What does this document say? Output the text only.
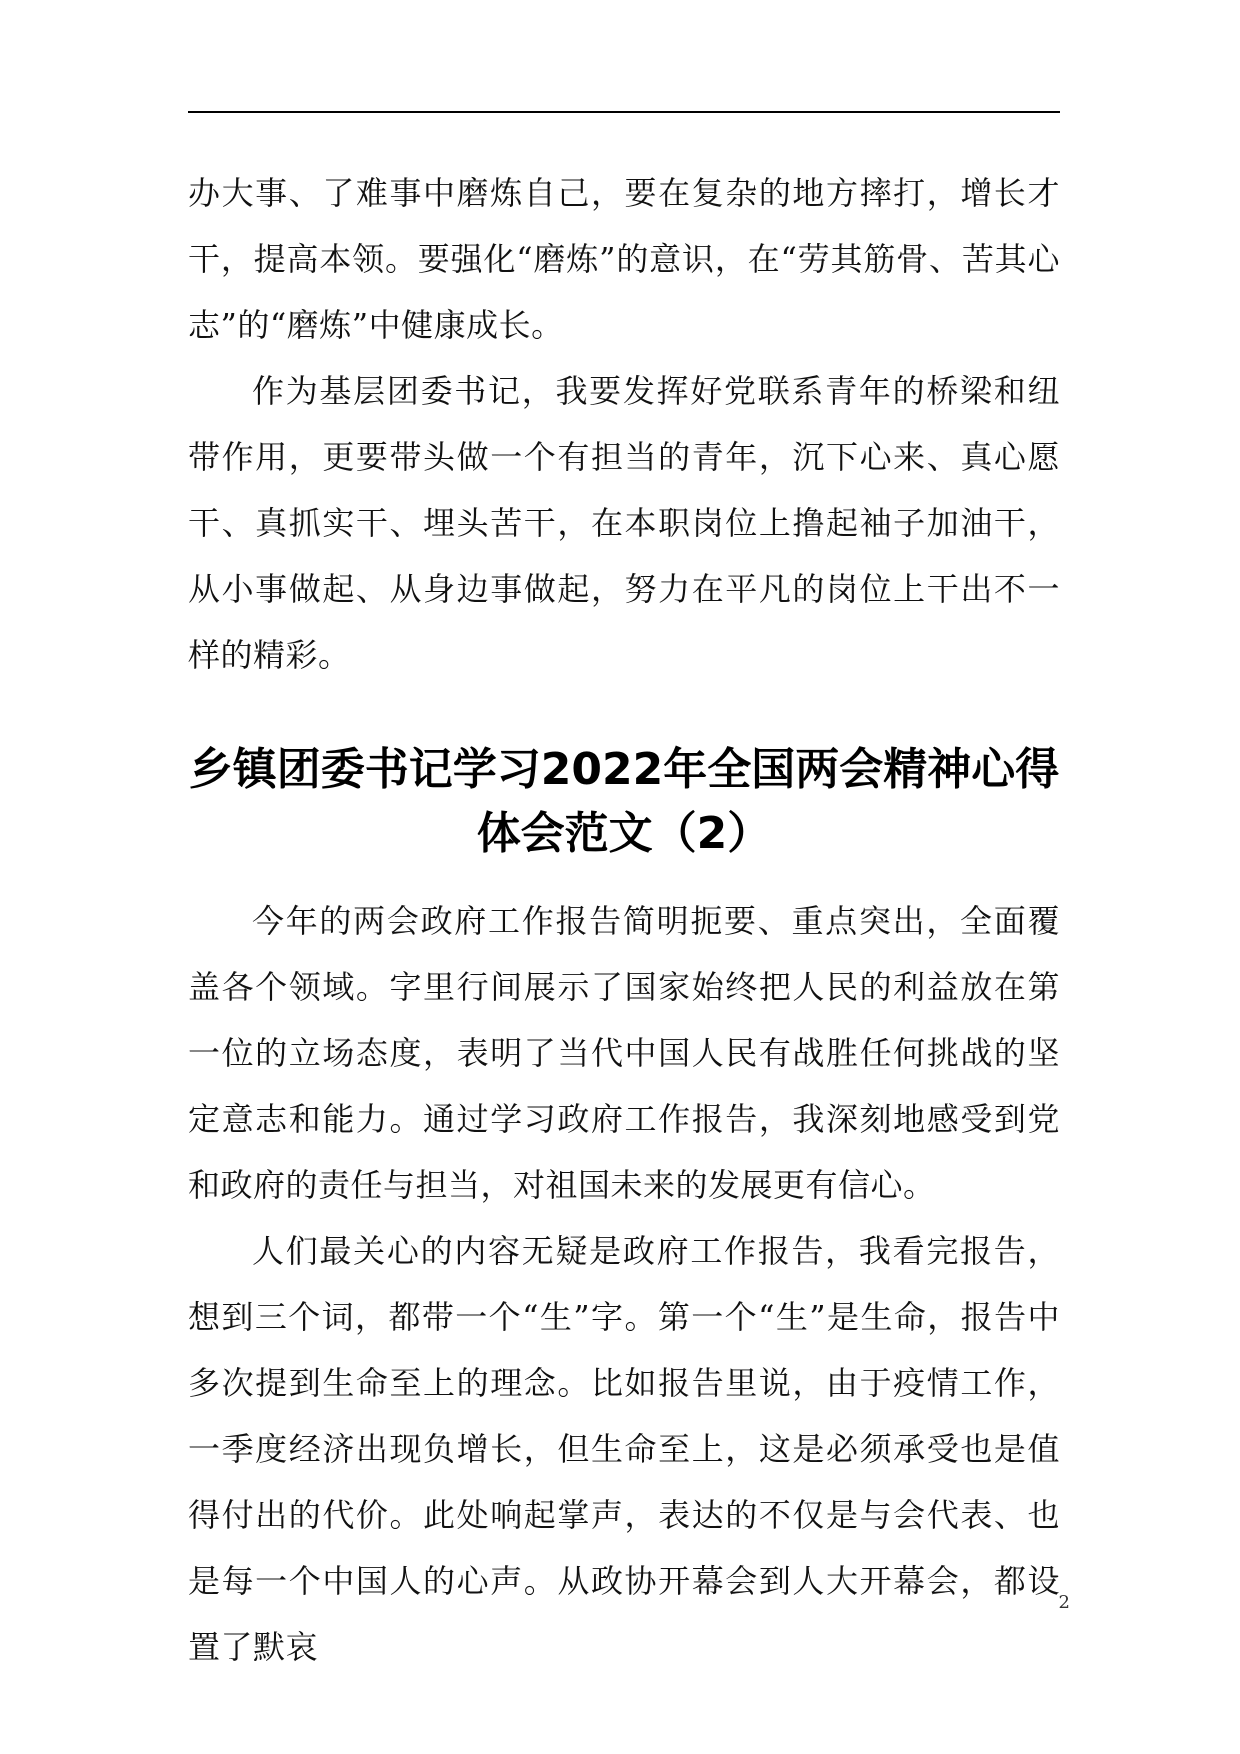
办大事、了难事中磨炼自己，要在复杂的地方摔打，增长才干，提高本领。要强化“磨炼”的意识，在“劳其筋骨、苦其心志”的“磨炼”中健康成长。

作为基层团委书记，我要发挥好党联系青年的桥梁和纽带作用，更要带头做一个有担当的青年，沉下心来、真心愿干、真抓实干、埋头苦干，在本职岗位上撸起袖子加油干，从小事做起、从身边事做起，努力在平凡的岗位上干出不一样的精彩。

乡镇团委书记学习2022年全国两会精神心得体会范文（2）

今年的两会政府工作报告简明扼要、重点突出，全面覆盖各个领域。字里行间展示了国家始终把人民的利益放在第一位的立场态度，表明了当代中国人民有战胜任何挑战的坚定意志和能力。通过学习政府工作报告，我深刻地感受到党和政府的责任与担当，对祖国未来的发展更有信心。

人们最关心的内容无疑是政府工作报告，我看完报告，想到三个词，都带一个“生”字。第一个“生”是生命，报告中多次提到生命至上的理念。比如报告里说，由于疫情工作，一季度经济出现负增长，但生命至上，这是必须承受也是值得付出的代价。此处响起掌声，表达的不仅是与会代表、也是每一个中国人的心声。从政协开幕会到人大开幕会，都设置了默哀

2
